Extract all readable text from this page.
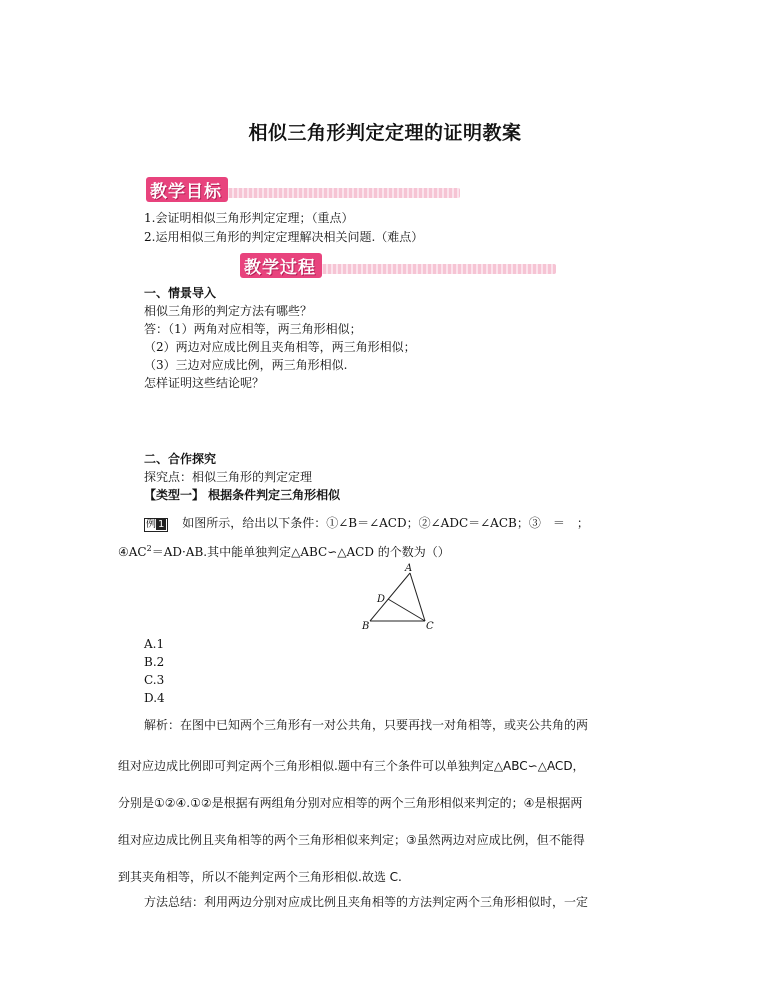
相似三角形判定定理的证明教案
教学目标
1.会证明相似三角形判定定理；（重点）
2.运用相似三角形的判定定理解决相关问题.（难点）
教学过程
一、情景导入
相似三角形的判定方法有哪些？
答：（1）两角对应相等，两三角形相似；
（2）两边对应成比例且夹角相等，两三角形相似；
（3）三边对应成比例，两三角形相似.
怎样证明这些结论呢？
二、合作探究
探究点：相似三角形的判定定理
【类型一】 根据条件判定三角形相似
例 1 如图所示，给出以下条件：①∠B＝∠ACD；②∠ADC＝∠ACB；③　＝　；
$④AC^2=AD\cdot AB$.其中能单独判定△ABC∽△ACD 的个数为（）
A
B	C
D
A.1
B.2
C.3
D.4
解析：在图中已知两个三角形有一对公共角，只要再找一对角相等，或夹公共角的两
组对应边成比例即可判定两个三角形相似.题中有三个条件可以单独判定△ABC∽△ACD，
分别是①②④.①②是根据有两组角分别对应相等的两个三角形相似来判定的；④是根据两
组对应边成比例且夹角相等的两个三角形相似来判定；③虽然两边对应成比例，但不能得
到其夹角相等，所以不能判定两个三角形相似.故选 C.
方法总结：利用两边分别对应成比例且夹角相等的方法判定两个三角形相似时，一定
